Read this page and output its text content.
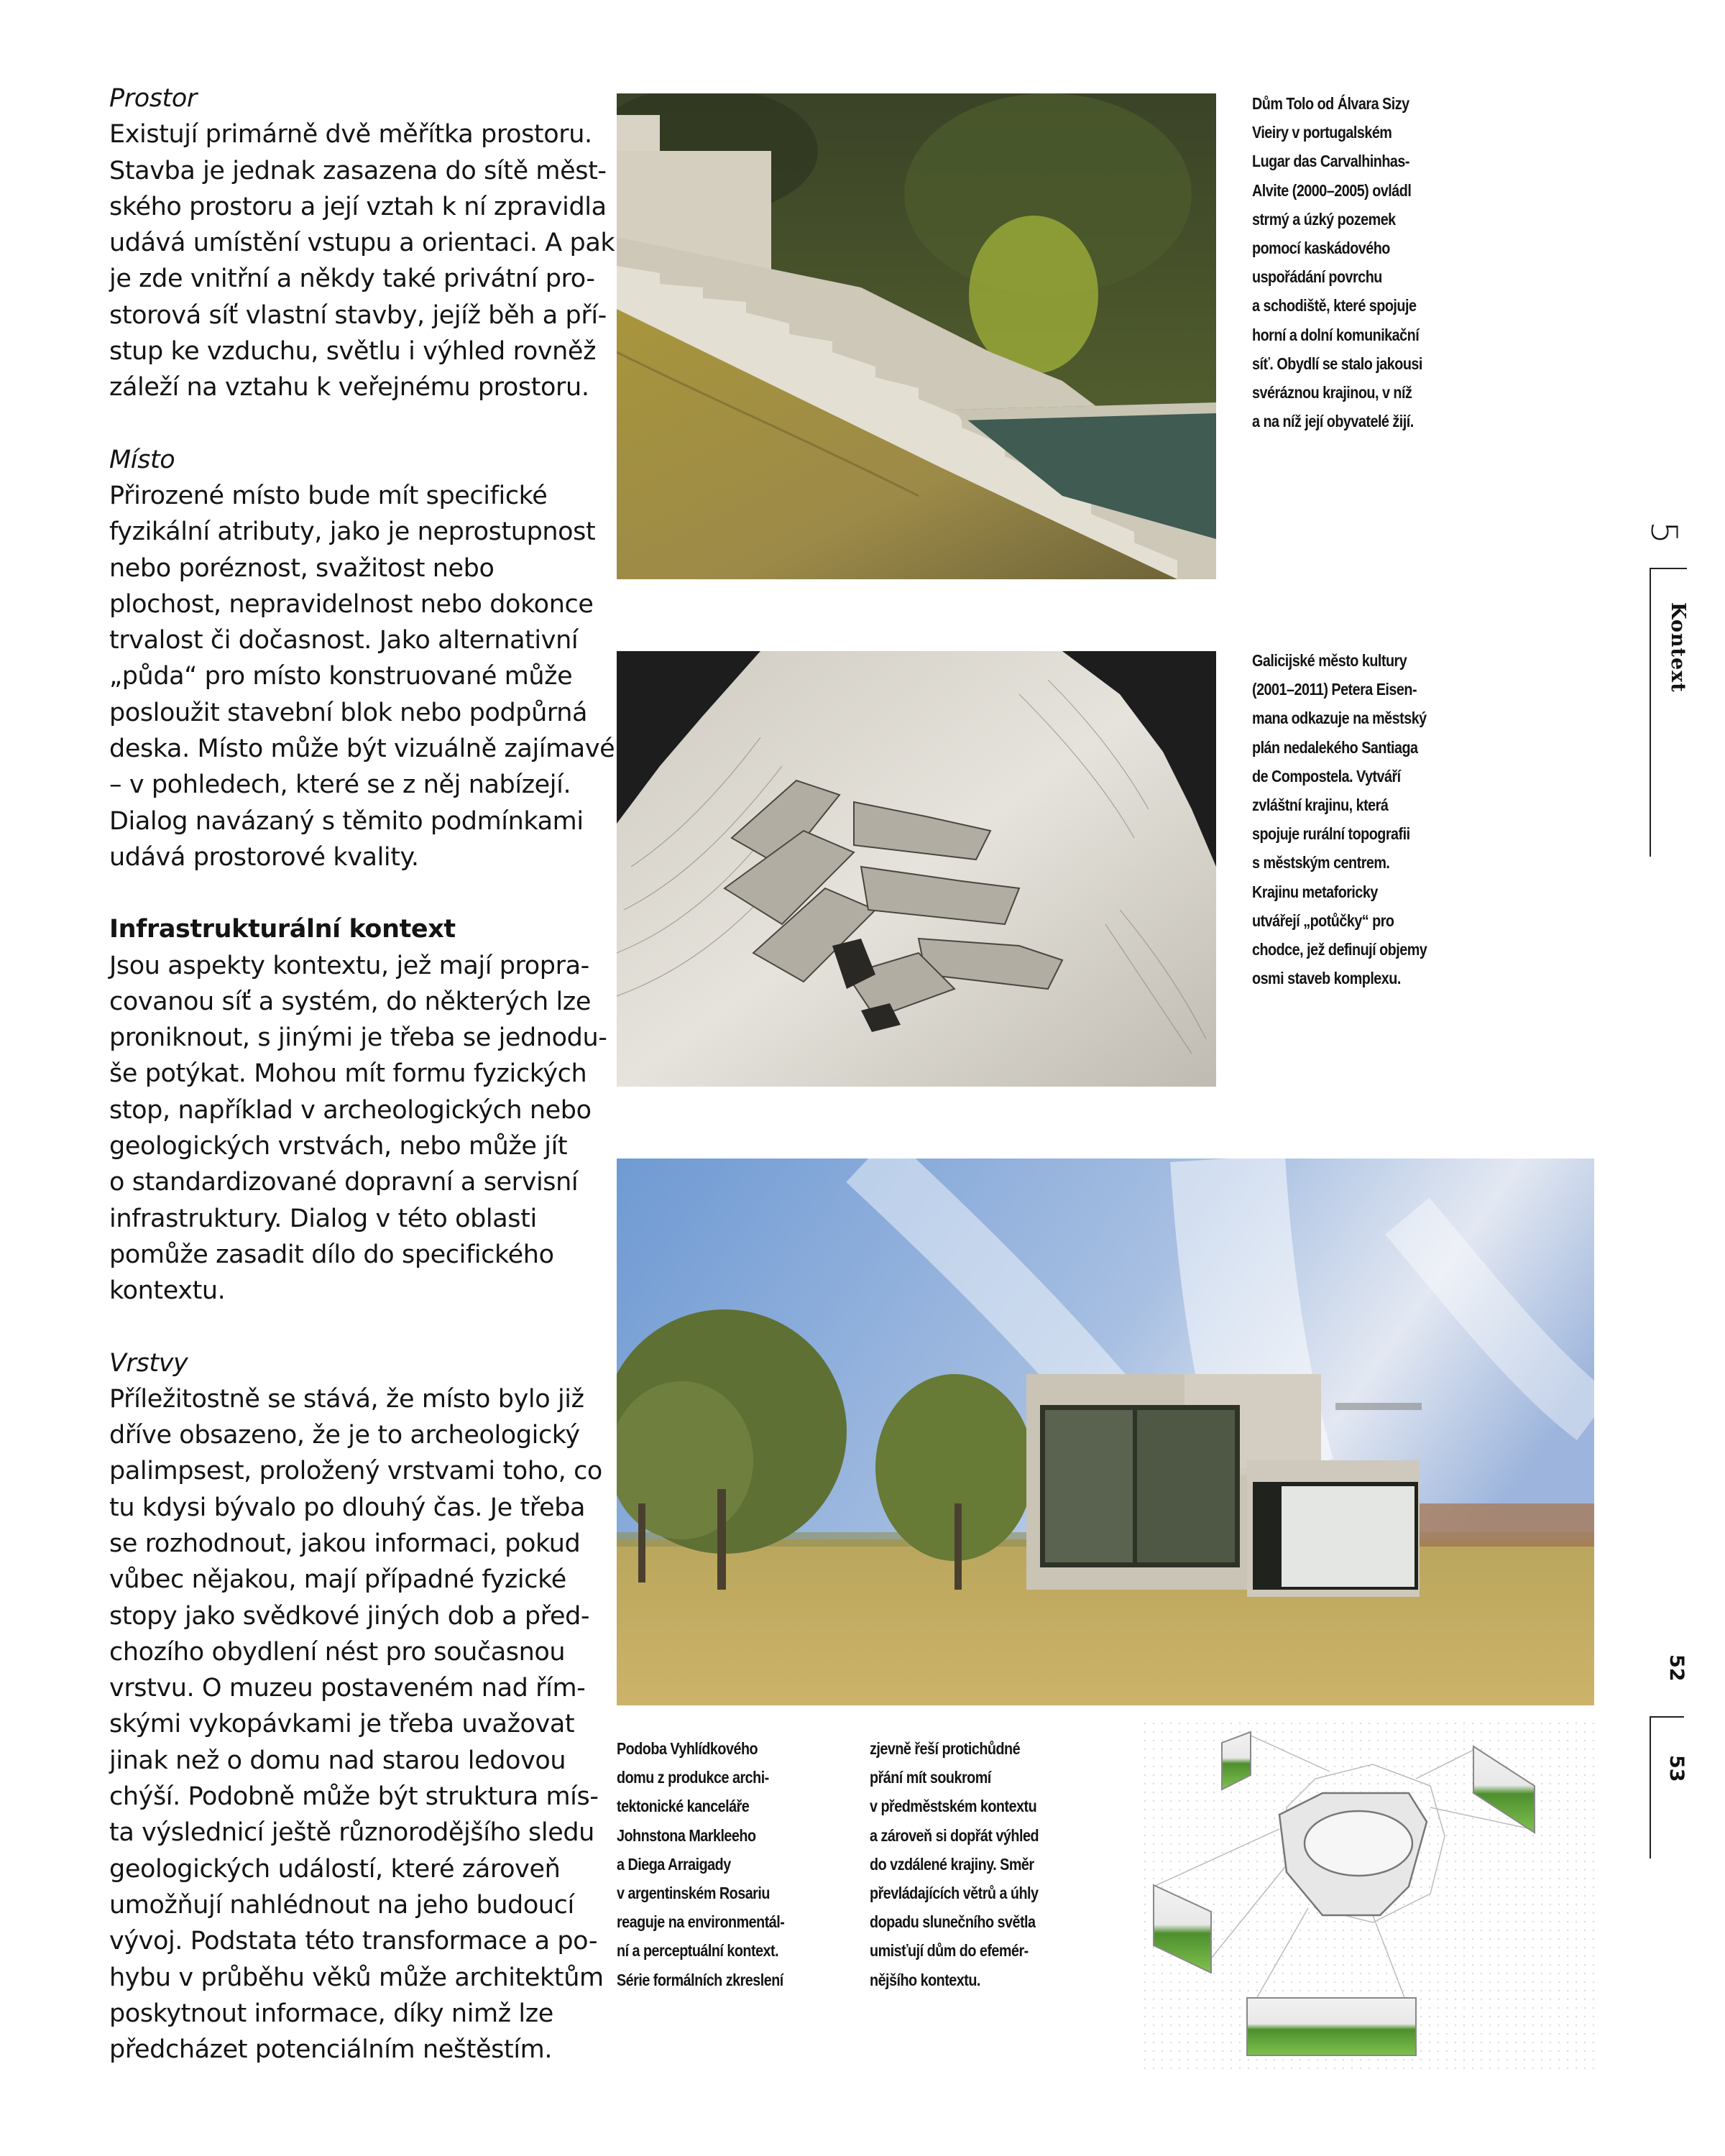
Prostor
Existují primárně dvě měřítka prostoru.
Stavba je jednak zasazena do sítě měst-
ského prostoru a její vztah k ní zpravidla
udává umístění vstupu a orientaci. A pak
je zde vnitřní a někdy také privátní pro-
storová síť vlastní stavby, jejíž běh a pří-
stup ke vzduchu, světlu i výhled rovněž
záleží na vztahu k veřejnému prostoru.
Místo
Přirozené místo bude mít specifické
fyzikální atributy, jako je neprostupnost
nebo poréznost, svažitost nebo
plochost, nepravidelnost nebo dokonce
trvalost či dočasnost. Jako alternativní
„půda“ pro místo konstruované může
posloužit stavební blok nebo podpůrná
deska. Místo může být vizuálně zajímavé
– v pohledech, které se z něj nabízejí.
Dialog navázaný s těmito podmínkami
udává prostorové kvality.
Infrastrukturální kontext
Jsou aspekty kontextu, jež mají propra-
covanou síť a systém, do některých lze
proniknout, s jinými je třeba se jednodu-
še potýkat. Mohou mít formu fyzických
stop, například v archeologických nebo
geologických vrstvách, nebo může jít
o standardizované dopravní a servisní
infrastruktury. Dialog v této oblasti
pomůže zasadit dílo do specifického
kontextu.
Vrstvy
Příležitostně se stává, že místo bylo již
dříve obsazeno, že je to archeologický
palimpsest, proložený vrstvami toho, co
tu kdysi bývalo po dlouhý čas. Je třeba
se rozhodnout, jakou informaci, pokud
vůbec nějakou, mají případné fyzické
stopy jako svědkové jiných dob a před-
chozího obydlení nést pro současnou
vrstvu. O muzeu postaveném nad řím-
skými vykopávkami je třeba uvažovat
jinak než o domu nad starou ledovou
chýší. Podobně může být struktura mís-
ta výslednicí ještě různorodějšího sledu
geologických událostí, které zároveň
umožňují nahlédnout na jeho budoucí
vývoj. Podstata této transformace a po-
hybu v průběhu věků může architektům
poskytnout informace, díky nimž lze
předcházet potenciálním neštěstím.
Dům Tolo od Álvara Sizy
Vieiry v portugalském
Lugar das Carvalhinhas-
Alvite (2000–2005) ovládl
strmý a úzký pozemek
pomocí kaskádového
uspořádání povrchu
a schodiště, které spojuje
horní a dolní komunikační
síť. Obydlí se stalo jakousi
svéráznou krajinou, v níž
a na níž její obyvatelé žijí.
Galicijské město kultury
(2001–2011) Petera Eisen-
mana odkazuje na městský
plán nedalekého Santiaga
de Compostela. Vytváří
zvláštní krajinu, která
spojuje rurální topografii
s městským centrem.
Krajinu metaforicky
utvářejí „potůčky“ pro
chodce, jež definují objemy
osmi staveb komplexu.
Podoba Vyhlídkového
domu z produkce archi-
tektonické kanceláře
Johnstona Markleeho
a Diega Arraigady
v argentinském Rosariu
reaguje na environmentál-
ní a perceptuální kontext.
Série formálních zkreslení
zjevně řeší protichůdné
přání mít soukromí
v předměstském kontextu
a zároveň si dopřát výhled
do vzdálené krajiny. Směr
převládajících větrů a úhly
dopadu slunečního světla
umisťují dům do efemér-
nějšího kontextu.
5
Kontext
52
53
